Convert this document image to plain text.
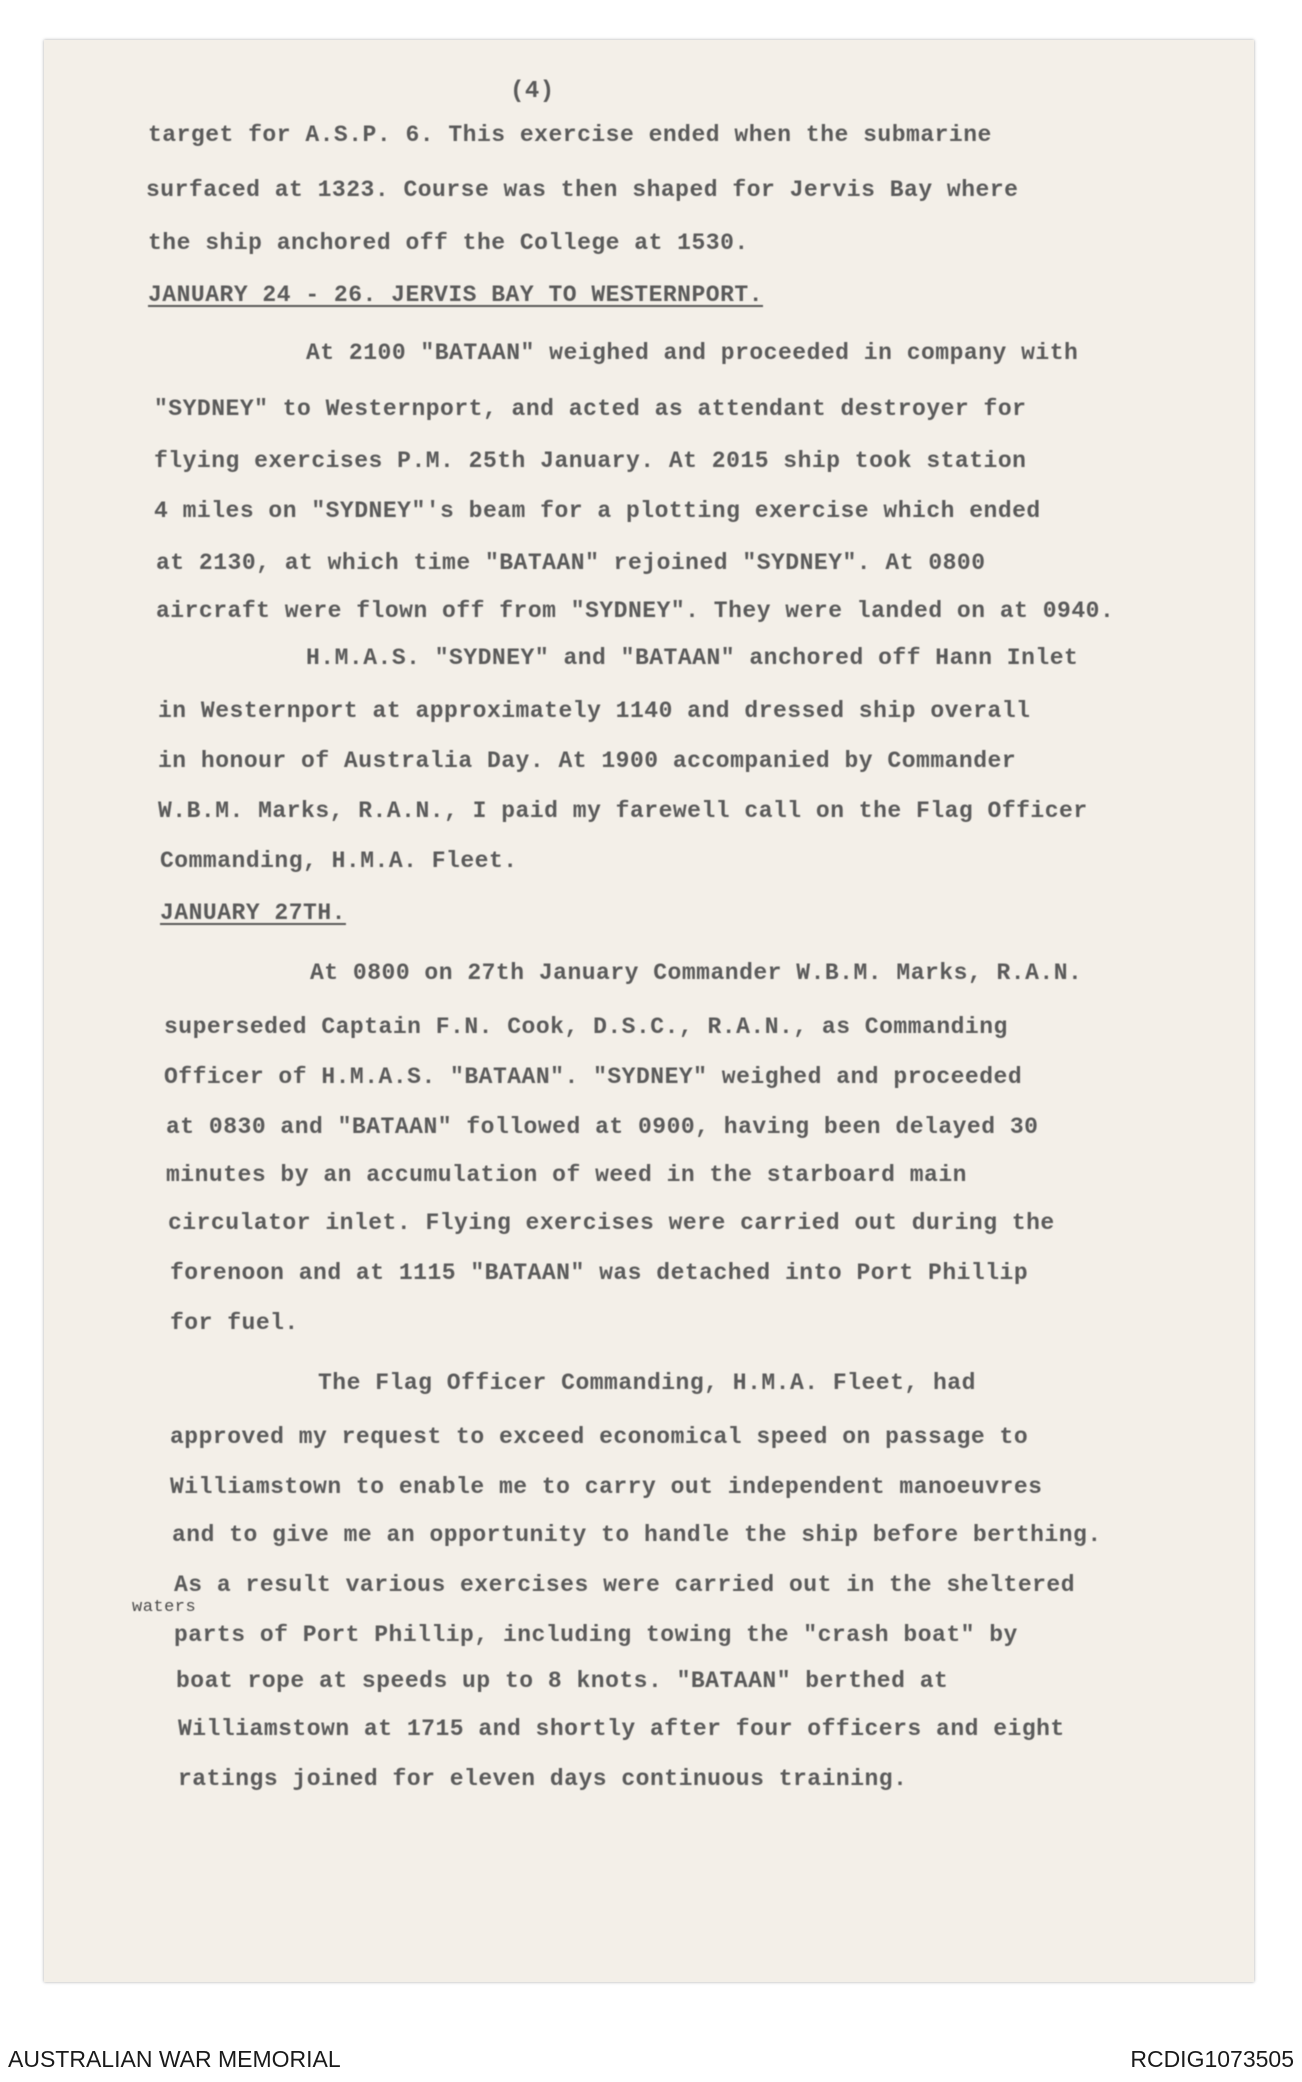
(4)
target for A.S.P. 6. This exercise ended when the submarine
surfaced at 1323. Course was then shaped for Jervis Bay where
the ship anchored off the College at 1530.
JANUARY 24 - 26. JERVIS BAY TO WESTERNPORT.
At 2100 "BATAAN" weighed and proceeded in company with
"SYDNEY" to Westernport, and acted as attendant destroyer for
flying exercises P.M. 25th January. At 2015 ship took station
4 miles on "SYDNEY"'s beam for a plotting exercise which ended
at 2130, at which time "BATAAN" rejoined "SYDNEY". At 0800
aircraft were flown off from "SYDNEY". They were landed on at 0940.
H.M.A.S. "SYDNEY" and "BATAAN" anchored off Hann Inlet
in Westernport at approximately 1140 and dressed ship overall
in honour of Australia Day. At 1900 accompanied by Commander
W.B.M. Marks, R.A.N., I paid my farewell call on the Flag Officer
Commanding, H.M.A. Fleet.
JANUARY 27TH.
At 0800 on 27th January Commander W.B.M. Marks, R.A.N.
superseded Captain F.N. Cook, D.S.C., R.A.N., as Commanding
Officer of H.M.A.S. "BATAAN". "SYDNEY" weighed and proceeded
at 0830 and "BATAAN" followed at 0900, having been delayed 30
minutes by an accumulation of weed in the starboard main
circulator inlet. Flying exercises were carried out during the
forenoon and at 1115 "BATAAN" was detached into Port Phillip
for fuel.
The Flag Officer Commanding, H.M.A. Fleet, had
approved my request to exceed economical speed on passage to
Williamstown to enable me to carry out independent manoeuvres
and to give me an opportunity to handle the ship before berthing.
As a result various exercises were carried out in the sheltered
parts of Port Phillip, including towing the "crash boat" by
boat rope at speeds up to 8 knots. "BATAAN" berthed at
Williamstown at 1715 and shortly after four officers and eight
ratings joined for eleven days continuous training.
waters
AUSTRALIAN WAR MEMORIAL	RCDIG1073505
